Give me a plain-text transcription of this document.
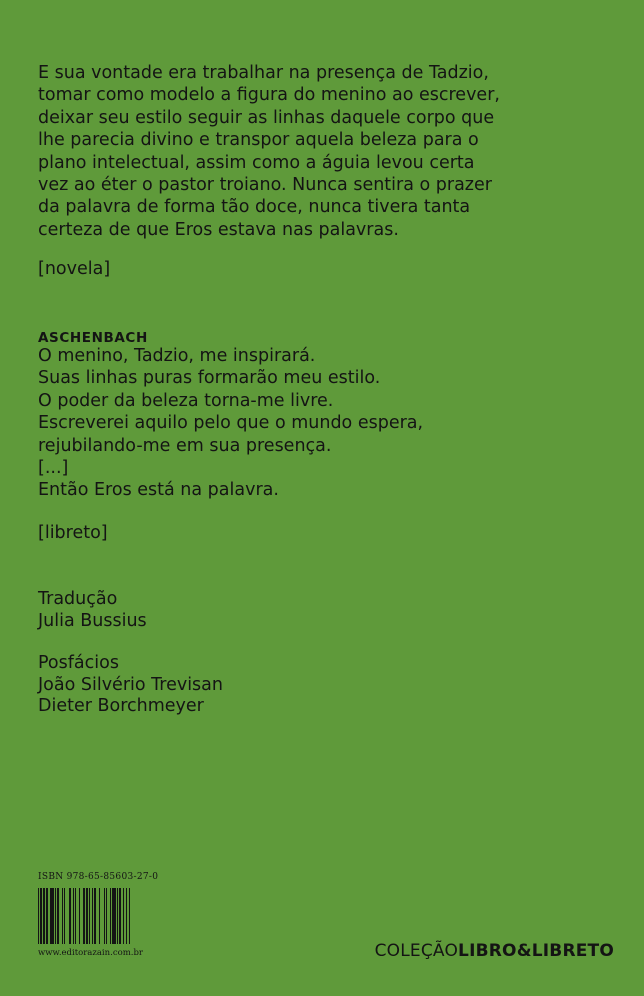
E sua vontade era trabalhar na presença de Tadzio,
tomar como modelo a figura do menino ao escrever,
deixar seu estilo seguir as linhas daquele corpo que
lhe parecia divino e transpor aquela beleza para o
plano intelectual, assim como a águia levou certa
vez ao éter o pastor troiano. Nunca sentira o prazer
da palavra de forma tão doce, nunca tivera tanta
certeza de que Eros estava nas palavras.
[novela]
ASCHENBACH
O menino, Tadzio, me inspirará.
Suas linhas puras formarão meu estilo.
O poder da beleza torna-me livre.
Escreverei aquilo pelo que o mundo espera,
rejubilando-me em sua presença.
[...]
Então Eros está na palavra.
[libreto]
Tradução
Julia Bussius
Posfácios
João Silvério Trevisan
Dieter Borchmeyer
ISBN 978-65-85603-27-0
www.editorazain.com.br	COLEÇÃOLIBRO&LIBRETO
